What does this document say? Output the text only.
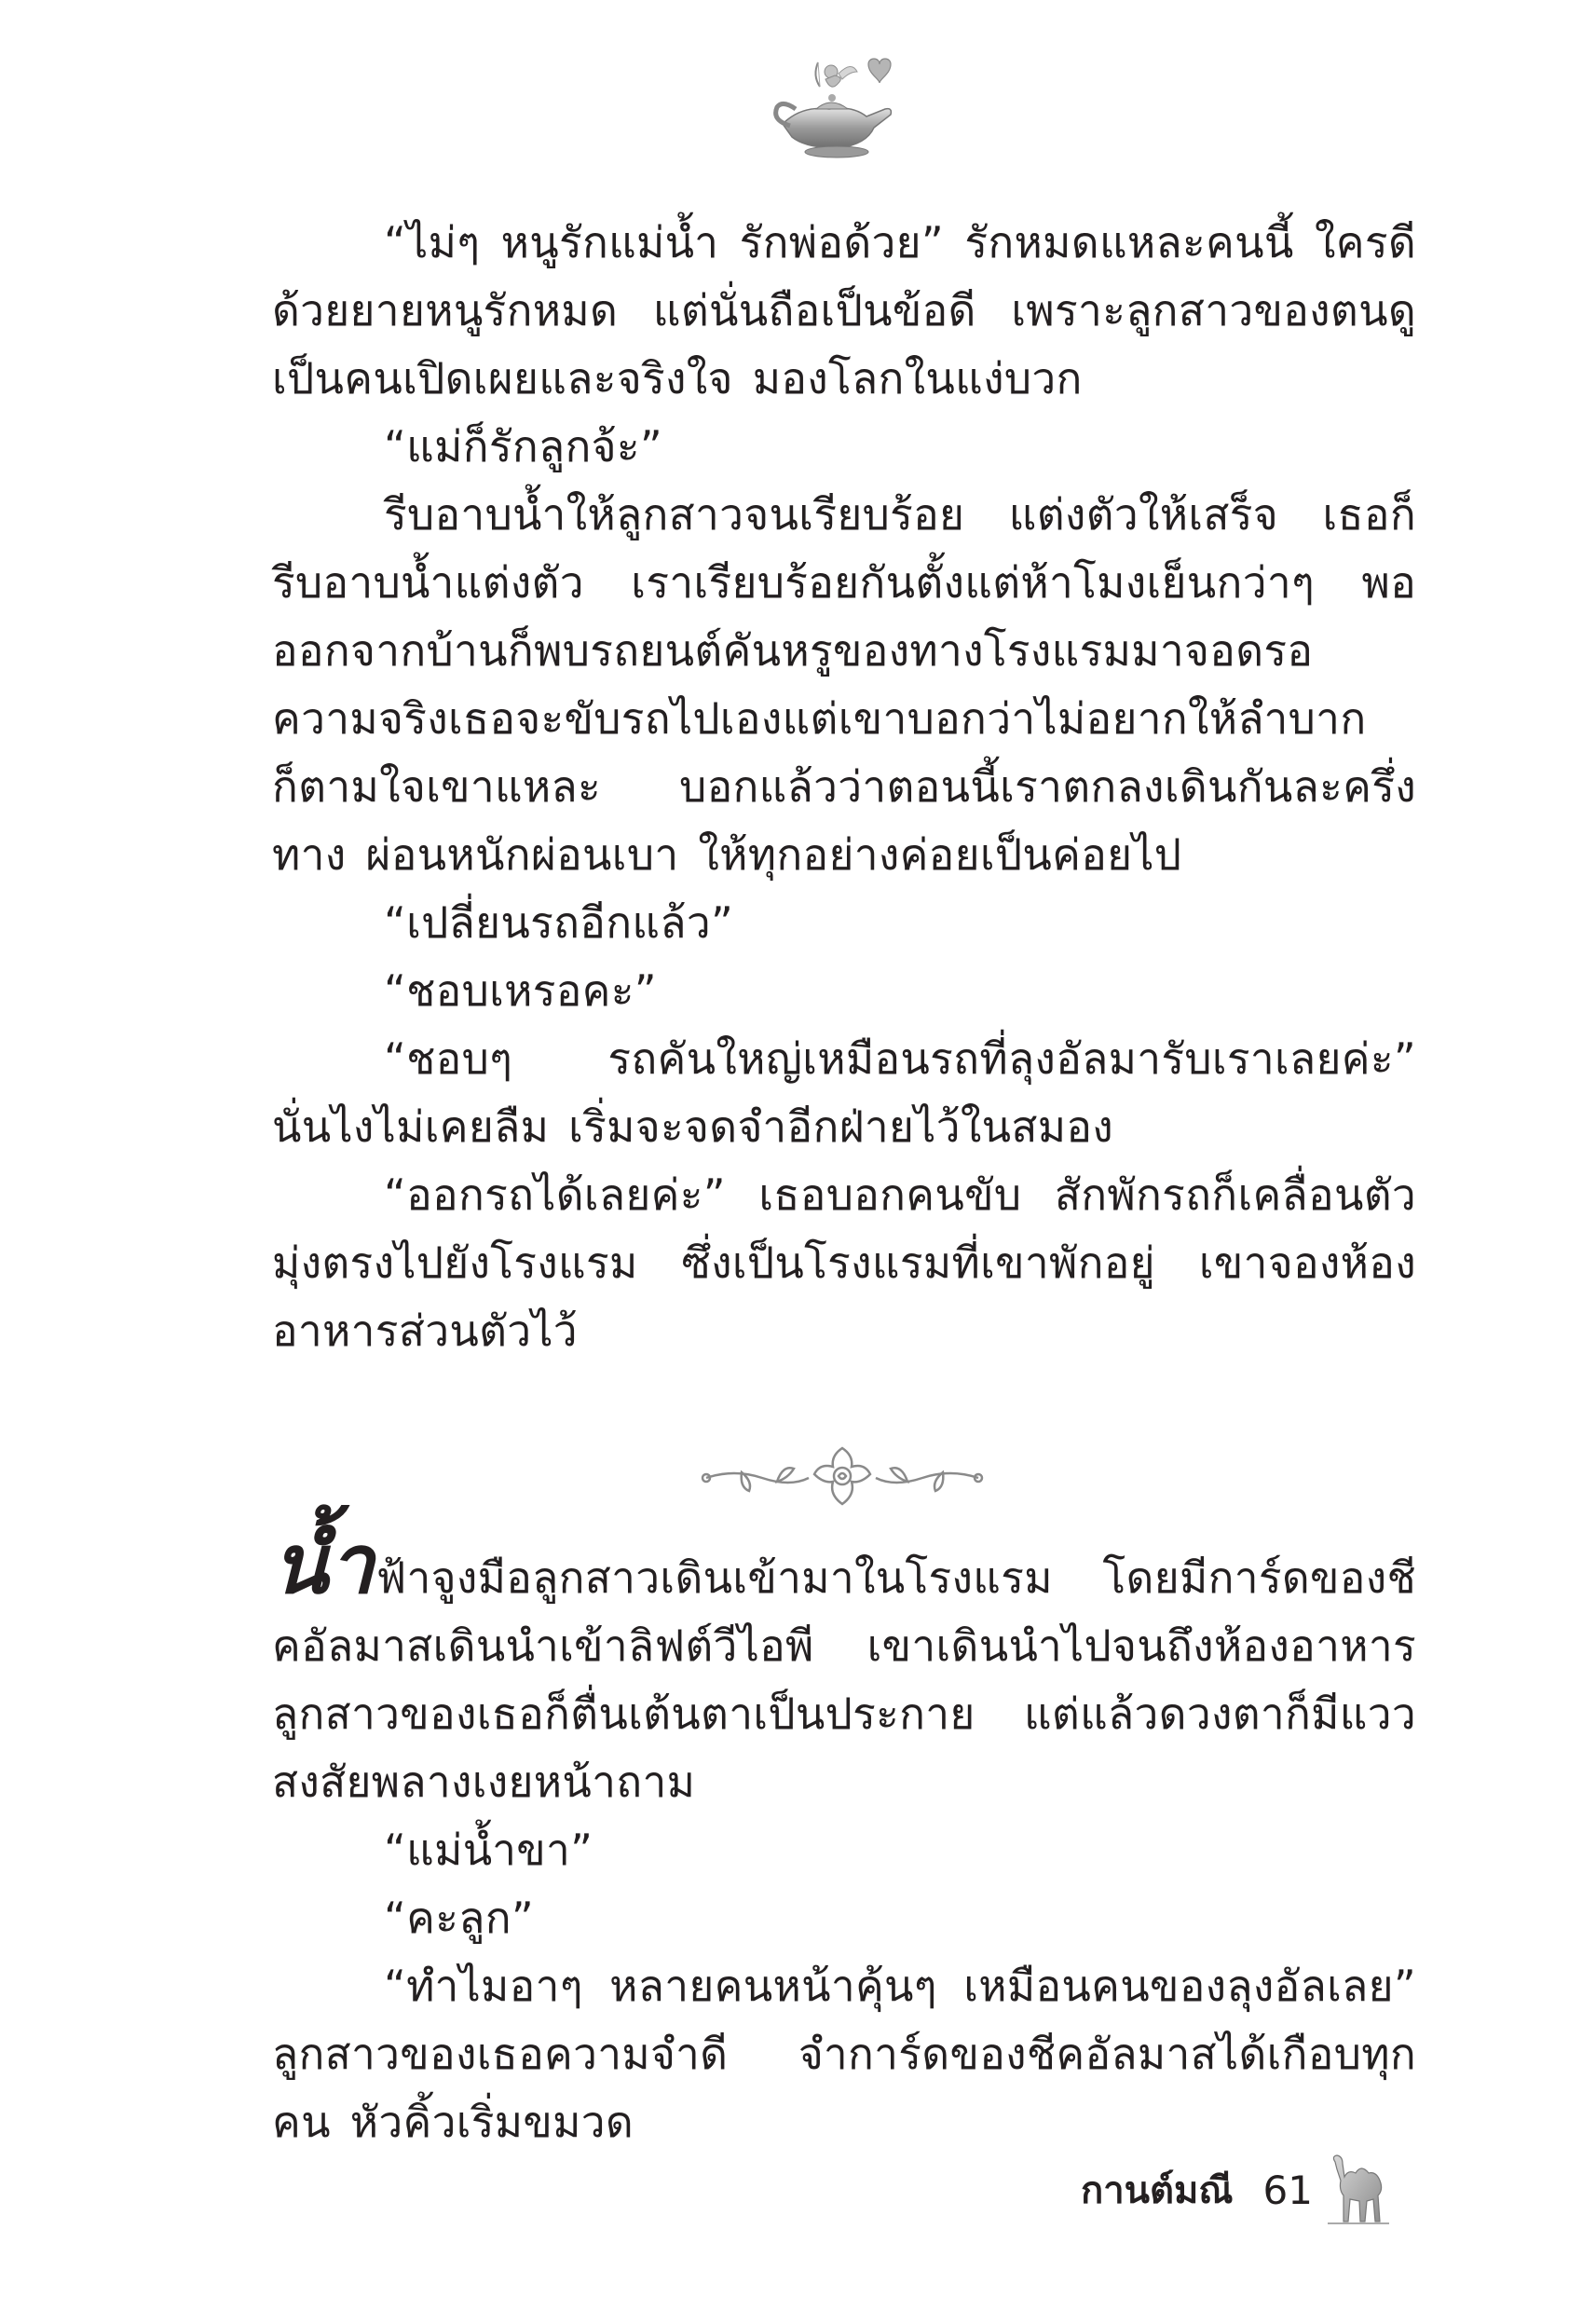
“ไม่ๆ หนูรักแม่น้ำ รักพ่อด้วย” รักหมดแหละคนนี้ ใครดีด้วยยายหนูรักหมด แต่นั่นถือเป็นข้อดี เพราะลูกสาวของตนดูเป็นคนเปิดเผยและจริงใจ มองโลกในแง่บวก

“แม่ก็รักลูกจ้ะ”

รีบอาบน้ำให้ลูกสาวจนเรียบร้อย แต่งตัวให้เสร็จ เธอก็รีบอาบน้ำแต่งตัว เราเรียบร้อยกันตั้งแต่ห้าโมงเย็นกว่าๆ พอออกจากบ้านก็พบรถยนต์คันหรูของทางโรงแรมมาจอดรอ ความจริงเธอจะขับรถไปเองแต่เขาบอกว่าไม่อยากให้ลำบาก ก็ตามใจเขาแหละ บอกแล้วว่าตอนนี้เราตกลงเดินกันละครึ่งทาง ผ่อนหนักผ่อนเบา ให้ทุกอย่างค่อยเป็นค่อยไป

“เปลี่ยนรถอีกแล้ว”

“ชอบเหรอคะ”

“ชอบๆ รถคันใหญ่เหมือนรถที่ลุงอัลมารับเราเลยค่ะ” นั่นไงไม่เคยลืม เริ่มจะจดจำอีกฝ่ายไว้ในสมอง

“ออกรถได้เลยค่ะ” เธอบอกคนขับ สักพักรถก็เคลื่อนตัวมุ่งตรงไปยังโรงแรม ซึ่งเป็นโรงแรมที่เขาพักอยู่ เขาจองห้องอาหารส่วนตัวไว้

น้ำฟ้าจูงมือลูกสาวเดินเข้ามาในโรงแรม โดยมีการ์ดของชีคอัลมาสเดินนำเข้าลิฟต์วีไอพี เขาเดินนำไปจนถึงห้องอาหาร ลูกสาวของเธอก็ตื่นเต้นตาเป็นประกาย แต่แล้วดวงตาก็มีแววสงสัยพลางเงยหน้าถาม

“แม่น้ำขา”

“คะลูก”

“ทำไมอาๆ หลายคนหน้าคุ้นๆ เหมือนคนของลุงอัลเลย” ลูกสาวของเธอความจำดี จำการ์ดของชีคอัลมาสได้เกือบทุกคน หัวคิ้วเริ่มขมวด

กานต์มณี 61
